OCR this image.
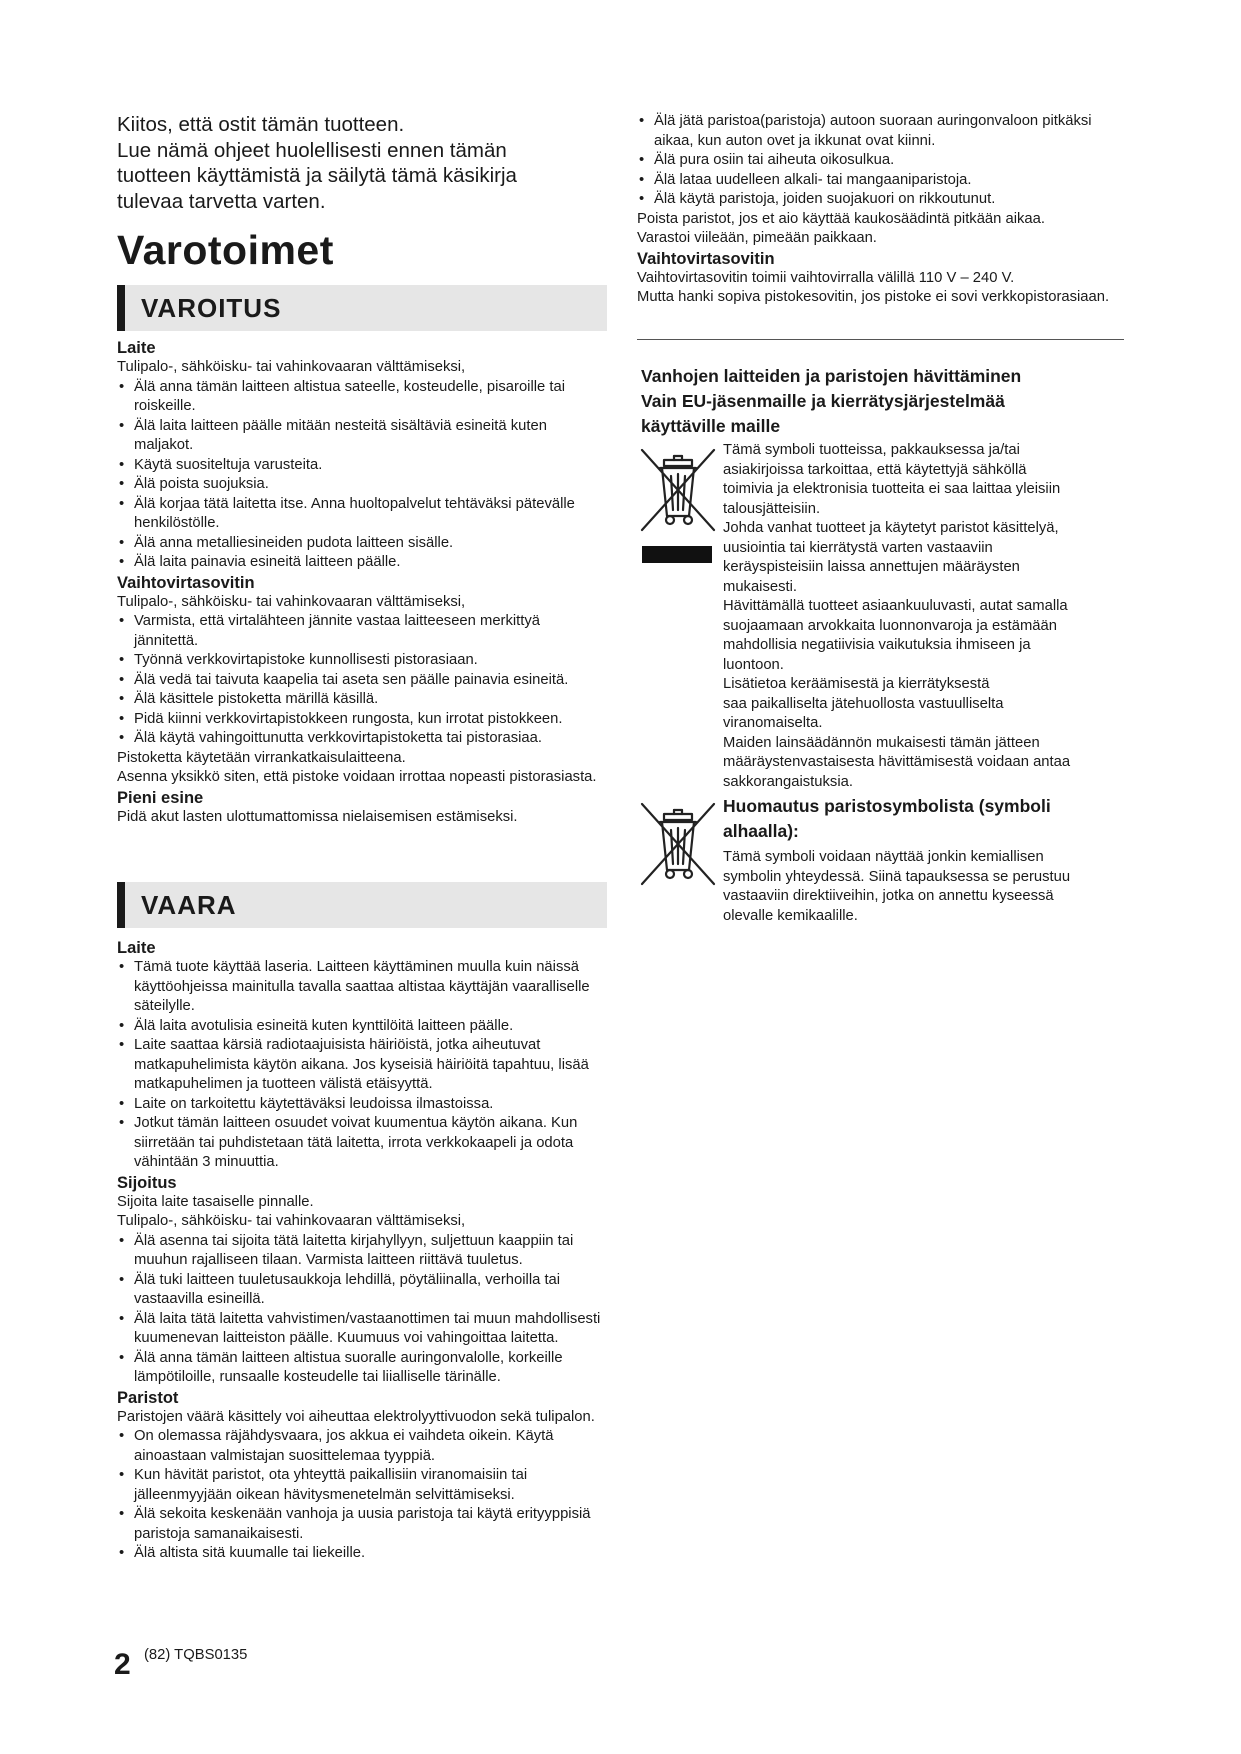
Kiitos, että ostit tämän tuotteen.
Lue nämä ohjeet huolellisesti ennen tämän
tuotteen käyttämistä ja säilytä tämä käsikirja
tulevaa tarvetta varten.
Varotoimet
VAROITUS
Laite
Tulipalo-, sähköisku- tai vahinkovaaran välttämiseksi,
• Älä anna tämän laitteen altistua sateelle, kosteudelle, pisaroille tai roiskeille.
• Älä laita laitteen päälle mitään nesteitä sisältäviä esineitä kuten maljakot.
• Käytä suositeltuja varusteita.
• Älä poista suojuksia.
• Älä korjaa tätä laitetta itse. Anna huoltopalvelut tehtäväksi pätevälle henkilöstölle.
• Älä anna metalliesineiden pudota laitteen sisälle.
• Älä laita painavia esineitä laitteen päälle.
Vaihtovirtasovitin
Tulipalo-, sähköisku- tai vahinkovaaran välttämiseksi,
• Varmista, että virtalähteen jännite vastaa laitteeseen merkittyä jännitettä.
• Työnnä verkkovirtapistoke kunnollisesti pistorasiaan.
• Älä vedä tai taivuta kaapelia tai aseta sen päälle painavia esineitä.
• Älä käsittele pistoketta märillä käsillä.
• Pidä kiinni verkkovirtapistokkeen rungosta, kun irrotat pistokkeen.
• Älä käytä vahingoittunutta verkkovirtapistoketta tai pistorasiaa.
Pistoketta käytetään virrankatkaisulaitteena.
Asenna yksikkö siten, että pistoke voidaan irrottaa nopeasti pistorasiasta.
Pieni esine
Pidä akut lasten ulottumattomissa nielaisemisen estämiseksi.
VAARA
Laite
• Tämä tuote käyttää laseria. Laitteen käyttäminen muulla kuin näissä käyttöohjeissa mainitulla tavalla saattaa altistaa käyttäjän vaaralliselle säteilylle.
• Älä laita avotulisia esineitä kuten kynttilöitä laitteen päälle.
• Laite saattaa kärsiä radiotaajuisista häiriöistä, jotka aiheutuvat matkapuhelimista käytön aikana. Jos kyseisiä häiriöitä tapahtuu, lisää matkapuhelimen ja tuotteen välistä etäisyyttä.
• Laite on tarkoitettu käytettäväksi leudoissa ilmastoissa.
• Jotkut tämän laitteen osuudet voivat kuumentua käytön aikana. Kun siirretään tai puhdistetaan tätä laitetta, irrota verkkokaapeli ja odota vähintään 3 minuuttia.
Sijoitus
Sijoita laite tasaiselle pinnalle.
Tulipalo-, sähköisku- tai vahinkovaaran välttämiseksi,
• Älä asenna tai sijoita tätä laitetta kirjahyllyyn, suljettuun kaappiin tai muuhun rajalliseen tilaan. Varmista laitteen riittävä tuuletus.
• Älä tuki laitteen tuuletusaukkoja lehdillä, pöytäliinalla, verhoilla tai vastaavilla esineillä.
• Älä laita tätä laitetta vahvistimen/vastaanottimen tai muun mahdollisesti kuumenevan laitteiston päälle. Kuumuus voi vahingoittaa laitetta.
• Älä anna tämän laitteen altistua suoralle auringonvalolle, korkeille lämpötiloille, runsaalle kosteudelle tai liialliselle tärinälle.
Paristot
Paristojen väärä käsittely voi aiheuttaa elektrolyyttivuodon sekä tulipalon.
• On olemassa räjähdysvaara, jos akkua ei vaihdeta oikein. Käytä ainoastaan valmistajan suosittelemaa tyyppiä.
• Kun hävität paristot, ota yhteyttä paikallisiin viranomaisiin tai jälleenmyyjään oikean hävitysmenetelmän selvittämiseksi.
• Älä sekoita keskenään vanhoja ja uusia paristoja tai käytä erityyppisiä paristoja samanaikaisesti.
• Älä altista sitä kuumalle tai liekeille.
• Älä jätä paristoa(paristoja) autoon suoraan auringonvaloon pitkäksi aikaa, kun auton ovet ja ikkunat ovat kiinni.
• Älä pura osiin tai aiheuta oikosulkua.
• Älä lataa uudelleen alkali- tai mangaaniparistoja.
• Älä käytä paristoja, joiden suojakuori on rikkoutunut.
Poista paristot, jos et aio käyttää kaukosäädintä pitkään aikaa.
Varastoi viileään, pimeään paikkaan.
Vaihtovirtasovitin
Vaihtovirtasovitin toimii vaihtovirralla välillä 110 V – 240 V.
Mutta hanki sopiva pistokesovitin, jos pistoke ei sovi verkkopistorasiaan.
Vanhojen laitteiden ja paristojen hävittäminen
Vain EU-jäsenmaille ja kierrätysjärjestelmää
käyttäville maille
Tämä symboli tuotteissa, pakkauksessa ja/tai
asiakirjoissa tarkoittaa, että käytettyjä sähköllä
toimivia ja elektronisia tuotteita ei saa laittaa yleisiin
talousjätteisiin.
Johda vanhat tuotteet ja käytetyt paristot käsittelyä,
uusiointia tai kierrätystä varten vastaaviin
keräyspisteisiin laissa annettujen määräysten
mukaisesti.
Hävittämällä tuotteet asiaankuuluvasti, autat samalla
suojaamaan arvokkaita luonnonvaroja ja estämään
mahdollisia negatiivisia vaikutuksia ihmiseen ja
luontoon.
Lisätietoa keräämisestä ja kierrätyksestä
saa paikalliselta jätehuollosta vastuulliselta
viranomaiselta.
Maiden lainsäädännön mukaisesti tämän jätteen
määräystenvastaisesta hävittämisestä voidaan antaa
sakkorangaistuksia.
Huomautus paristosymbolista (symboli
alhaalla):
Tämä symboli voidaan näyttää jonkin kemiallisen
symbolin yhteydessä. Siinä tapauksessa se perustuu
vastaaviin direktiiveihin, jotka on annettu kyseessä
olevalle kemikaalille.
2 (82) TQBS0135
